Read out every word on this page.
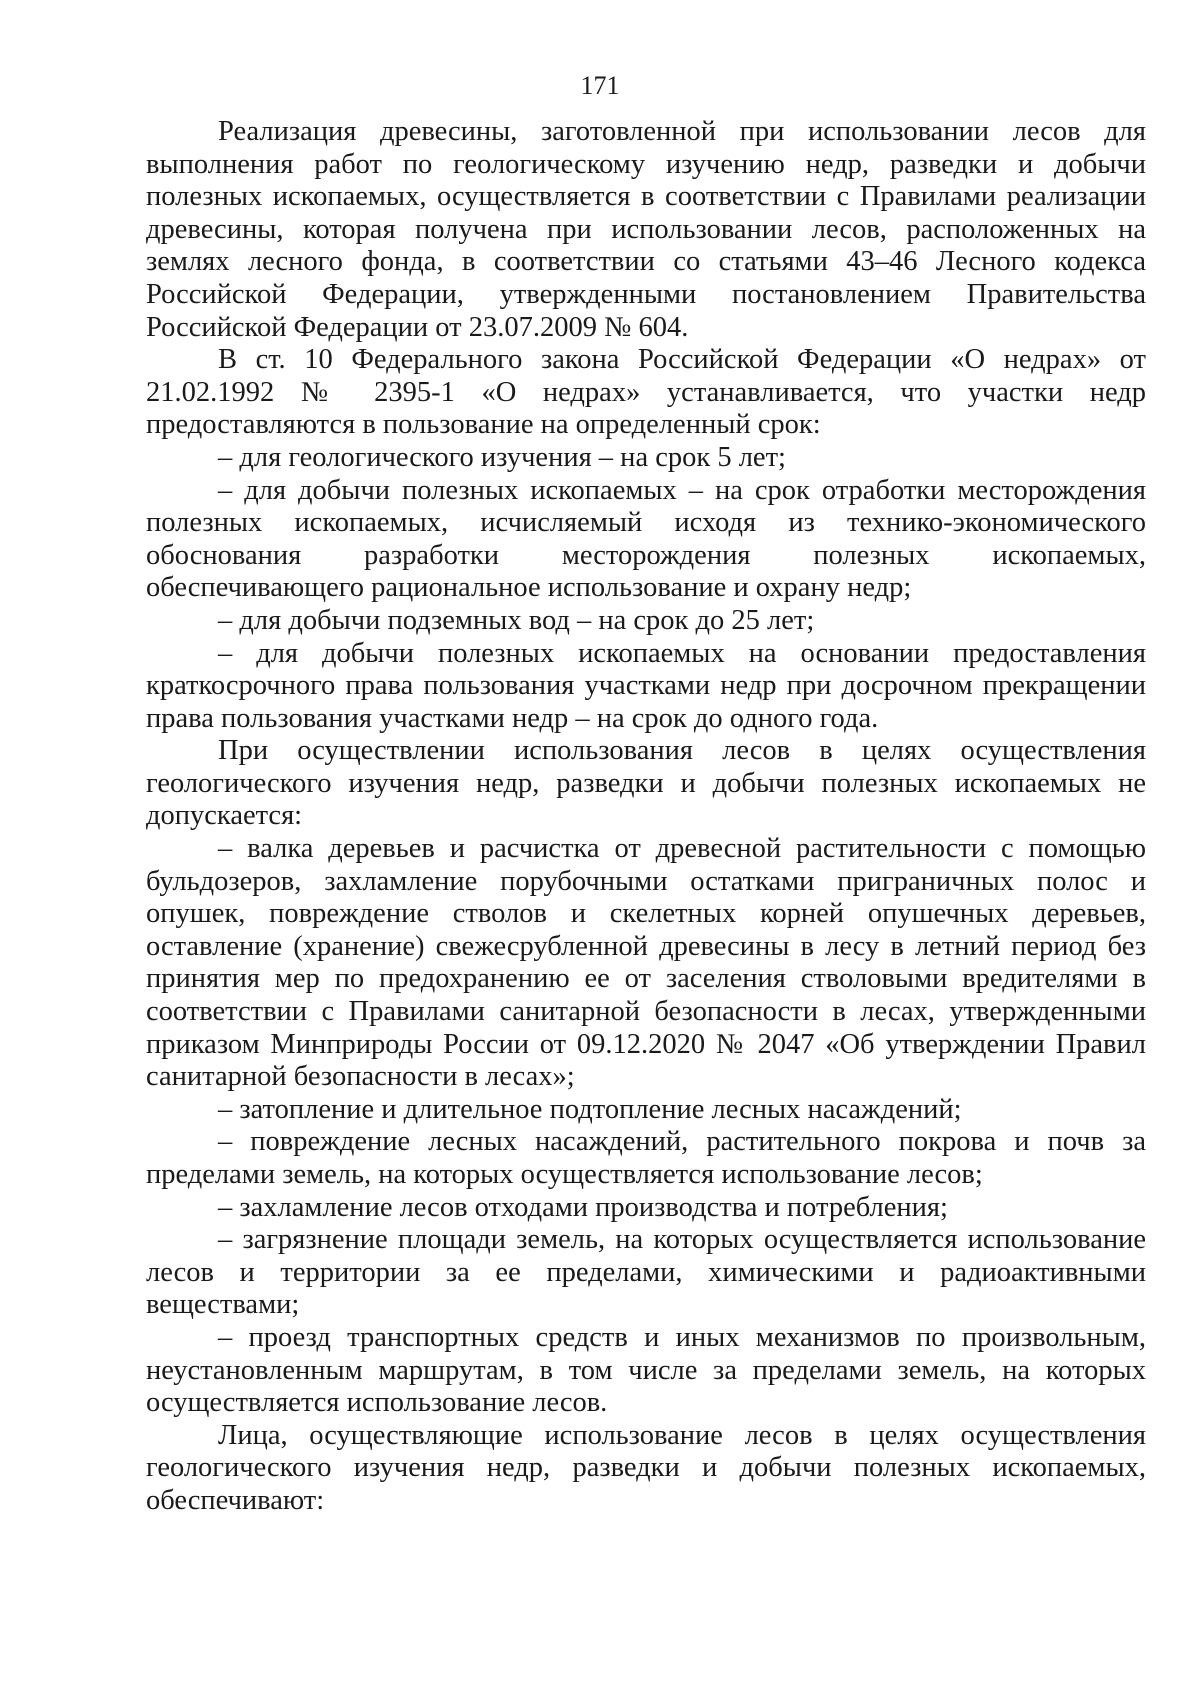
171

Реализация древесины, заготовленной при использовании лесов для выполнения работ по геологическому изучению недр, разведки и добычи полезных ископаемых, осуществляется в соответствии с Правилами реализации древесины, которая получена при использовании лесов, расположенных на землях лесного фонда, в соответствии со статьями 43–46 Лесного кодекса Российской Федерации, утвержденными постановлением Правительства Российской Федерации от 23.07.2009 № 604.

В ст. 10 Федерального закона Российской Федерации «О недрах» от 21.02.1992 № 2395-1 «О недрах» устанавливается, что участки недр предоставляются в пользование на определенный срок:

– для геологического изучения – на срок 5 лет;

– для добычи полезных ископаемых – на срок отработки месторождения полезных ископаемых, исчисляемый исходя из технико-экономического обоснования разработки месторождения полезных ископаемых, обеспечивающего рациональное использование и охрану недр;

– для добычи подземных вод – на срок до 25 лет;

– для добычи полезных ископаемых на основании предоставления краткосрочного права пользования участками недр при досрочном прекращении права пользования участками недр – на срок до одного года.

При осуществлении использования лесов в целях осуществления геологического изучения недр, разведки и добычи полезных ископаемых не допускается:

– валка деревьев и расчистка от древесной растительности с помощью бульдозеров, захламление порубочными остатками приграничных полос и опушек, повреждение стволов и скелетных корней опушечных деревьев, оставление (хранение) свежесрубленной древесины в лесу в летний период без принятия мер по предохранению ее от заселения стволовыми вредителями в соответствии с Правилами санитарной безопасности в лесах, утвержденными приказом Минприроды России от 09.12.2020 № 2047 «Об утверждении Правил санитарной безопасности в лесах»;

– затопление и длительное подтопление лесных насаждений;

– повреждение лесных насаждений, растительного покрова и почв за пределами земель, на которых осуществляется использование лесов;

– захламление лесов отходами производства и потребления;

– загрязнение площади земель, на которых осуществляется использование лесов и территории за ее пределами, химическими и радиоактивными веществами;

– проезд транспортных средств и иных механизмов по произвольным, неустановленным маршрутам, в том числе за пределами земель, на которых осуществляется использование лесов.

Лица, осуществляющие использование лесов в целях осуществления геологического изучения недр, разведки и добычи полезных ископаемых, обеспечивают:
